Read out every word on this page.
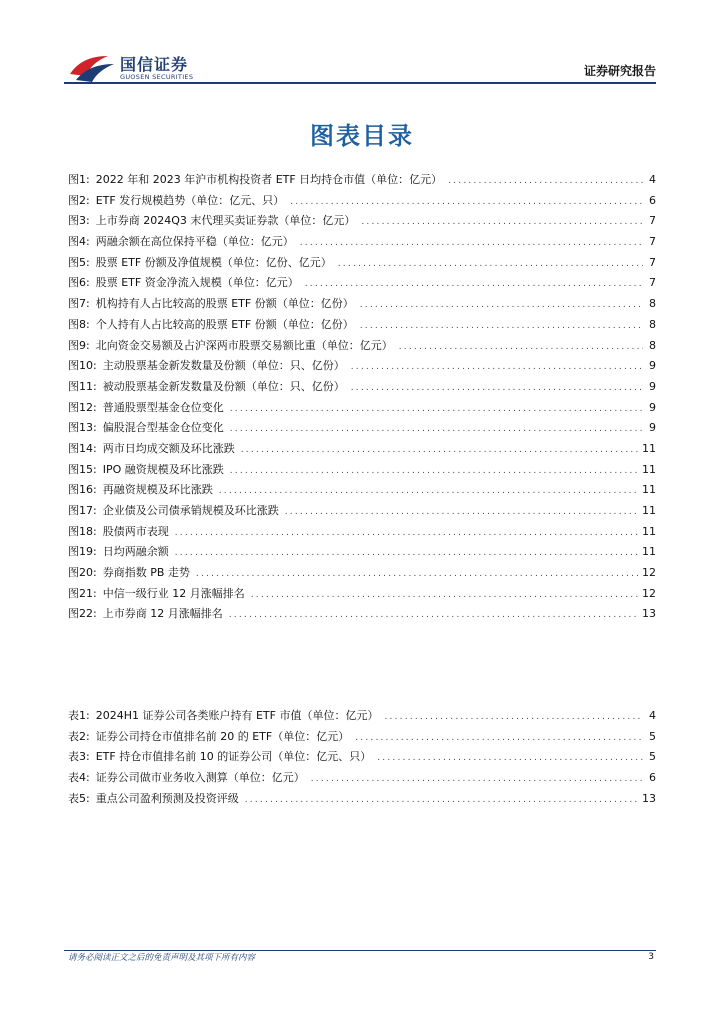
国信证券
GUOSEN SECURITIES	证券研究报告
图表目录
图1: 2022 年和 2023 年沪市机构投资者 ETF 日均持仓市值（单位：亿元） .....	4
图2: ETF 发行规模趋势（单位：亿元、只） .....	6
图3: 上市券商 2024Q3 末代理买卖证券款（单位：亿元） .....	7
图4: 两融余额在高位保持平稳（单位：亿元） .....	7
图5: 股票 ETF 份额及净值规模（单位：亿份、亿元） .....	7
图6: 股票 ETF 资金净流入规模（单位：亿元） .....	7
图7: 机构持有人占比较高的股票 ETF 份额（单位：亿份） .....	8
图8: 个人持有人占比较高的股票 ETF 份额（单位：亿份） .....	8
图9: 北向资金交易额及占沪深两市股票交易额比重（单位：亿元） .....	8
图10: 主动股票基金新发数量及份额（单位：只、亿份） .....	9
图11: 被动股票基金新发数量及份额（单位：只、亿份） .....	9
图12: 普通股票型基金仓位变化 .....	9
图13: 偏股混合型基金仓位变化 .....	9
图14: 两市日均成交额及环比涨跌 .....	11
图15: IPO 融资规模及环比涨跌 .....	11
图16: 再融资规模及环比涨跌 .....	11
图17: 企业债及公司债承销规模及环比涨跌 .....	11
图18: 股债两市表现 .....	11
图19: 日均两融余额 .....	11
图20: 券商指数 PB 走势 .....	12
图21: 中信一级行业 12 月涨幅排名 .....	12
图22: 上市券商 12 月涨幅排名 .....	13
表1: 2024H1 证券公司各类账户持有 ETF 市值（单位：亿元） .....	4
表2: 证券公司持仓市值排名前 20 的 ETF（单位：亿元） .....	5
表3: ETF 持仓市值排名前 10 的证券公司（单位：亿元、只） .....	5
表4: 证券公司做市业务收入测算（单位：亿元） .....	6
表5: 重点公司盈利预测及投资评级 .....	13
请务必阅读正文之后的免责声明及其项下所有内容	3
